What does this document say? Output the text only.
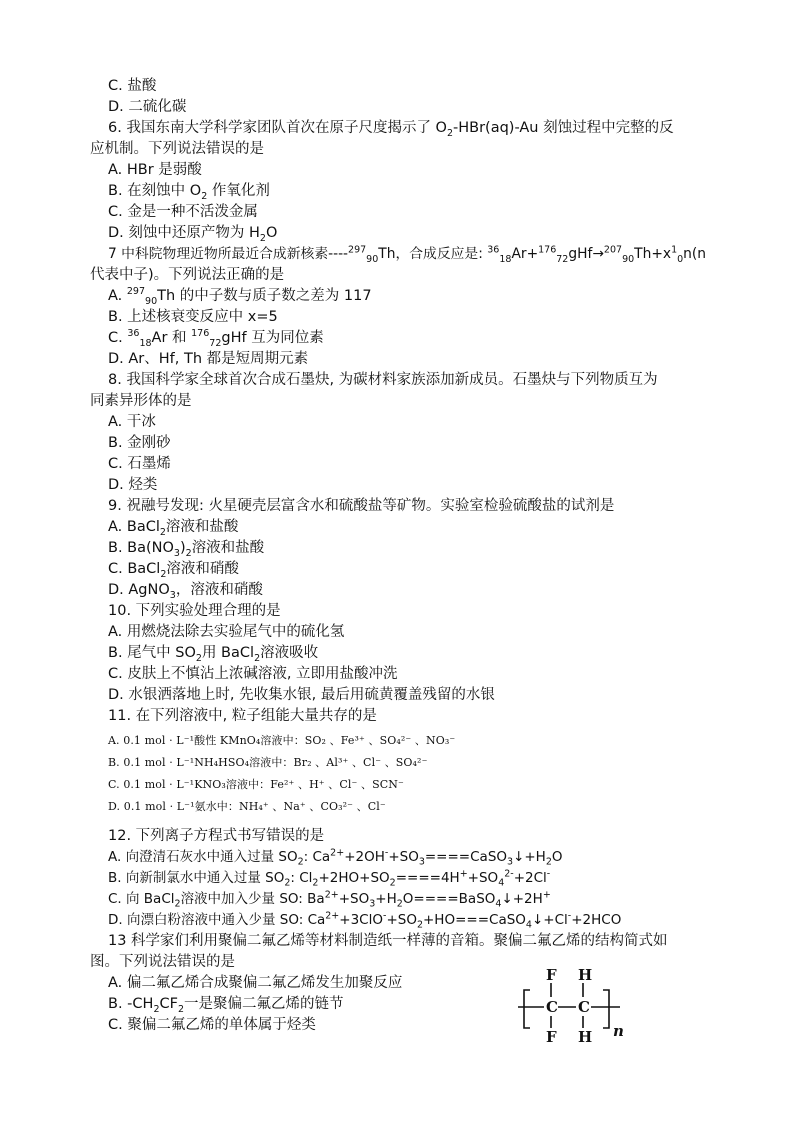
C. 盐酸
D. 二硫化碳
6. 我国东南大学科学家团队首次在原子尺度揭示了 $O_2-HBr(aq)-Au$ 刻蚀过程中完整的反
应机制。下列说法错误的是
A. HBr 是弱酸
B. 在刻蚀中 $O_2$ 作氧化剂
C. 金是一种不活泼金属
D. 刻蚀中还原产物为 $H_2O$
7 中科院物理近物所最近合成新核素----$^{297}_{90}$Th，合成反应是: $^{36}_{18}Ar+^{176}_{72}gHf\to^{207}_{90}Th+x^1_0n(n$
代表中子)。下列说法正确的是
A. $^{297}_{90}$Th 的中子数与质子数之差为 117
B. 上述核衰变反应中 x=5
C. $^{36}_{18}$Ar 和 $^{176}_{72}$gHf 互为同位素
D. Ar、Hf, Th 都是短周期元素
8. 我国科学家全球首次合成石墨炔, 为碳材料家族添加新成员。石墨炔与下列物质互为
同素异形体的是
A. 干冰
B. 金刚砂
C. 石墨烯
D. 烃类
9. 祝融号发现: 火星硬壳层富含水和硫酸盐等矿物。实验室检验硫酸盐的试剂是
A. BaCl$_2$溶液和盐酸
B. $Ba(NO_3)_2$溶液和盐酸
C. BaCl$_2$溶液和硝酸
D. AgNO$_3$，溶液和硝酸
10. 下列实验处理合理的是
A. 用燃烧法除去实验尾气中的硫化氢
B. 尾气中 $SO_2$用 BaCl$_2$溶液吸收
C. 皮肤上不慎沾上浓碱溶液, 立即用盐酸冲洗
D. 水银洒落地上时, 先收集水银, 最后用硫黄覆盖残留的水银
11. 在下列溶液中, 粒子组能大量共存的是
A. 0.1 mol · L⁻¹酸性 KMnO₄溶液中：SO₂ 、Fe³⁺ 、SO₄²⁻ 、NO₃⁻
B. 0.1 mol · L⁻¹NH₄HSO₄溶液中：Br₂ 、Al³⁺ 、Cl⁻ 、SO₄²⁻
C. 0.1 mol · L⁻¹KNO₃溶液中：Fe²⁺ 、H⁺ 、Cl⁻ 、SCN⁻
D. 0.1 mol · L⁻¹氨水中：NH₄⁺ 、Na⁺ 、CO₃²⁻ 、Cl⁻
12. 下列离子方程式书写错误的是
A. 向澄清石灰水中通入过量 $SO_2$: $Ca^{2+}+2OH^-+SO_3====CaSO_3↓+H_2O$
B. 向新制氯水中通入过量 $SO_2$: $Cl_2+2HO+SO_2====4H^++SO_4^{2-}+2Cl^-$
C. 向 BaCl$_2$溶液中加入少量 SO: $Ba^{2+}+SO_3+H_2O====BaSO_4↓+2H^+$
D. 向漂白粉溶液中通入少量 SO: $Ca^{2+}+3ClO^-+SO_2+HO===CaSO_4↓+Cl^-+2HCO$
13 科学家们利用聚偏二氟乙烯等材料制造纸一样薄的音箱。聚偏二氟乙烯的结构简式如
图。下列说法错误的是
A. 偏二氟乙烯合成聚偏二氟乙烯发生加聚反应
B. $-CH_2CF_2$一是聚偏二氟乙烯的链节
C. 聚偏二氟乙烯的单体属于烃类
F H
C C
F H n
